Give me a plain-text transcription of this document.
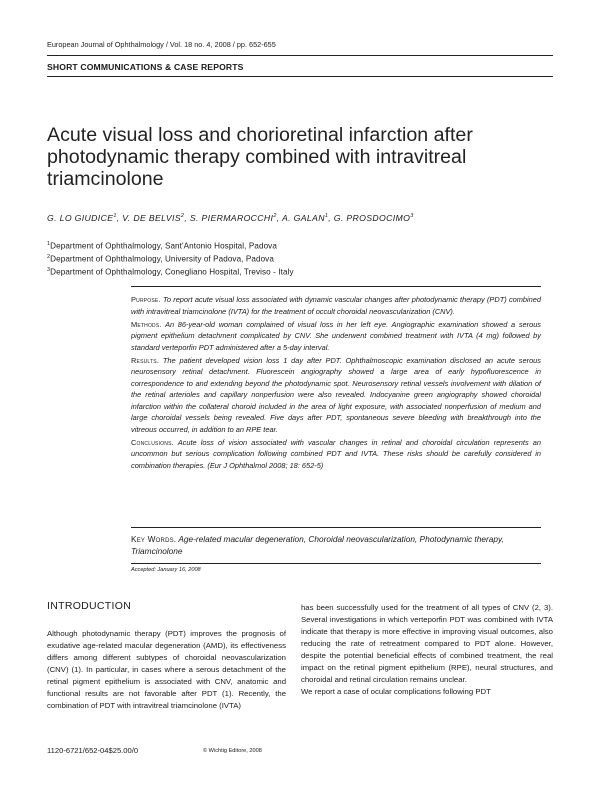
European Journal of Ophthalmology / Vol. 18 no. 4, 2008 / pp. 652-655
SHORT COMMUNICATIONS & CASE REPORTS
Acute visual loss and chorioretinal infarction after photodynamic therapy combined with intravitreal triamcinolone
G. LO GIUDICE$^1$, V. DE BELVIS$^2$, S. PIERMAROCCHI$^2$, A. GALAN$^1$, G. PROSDOCIMO$^3$
$^1$Department of Ophthalmology, Sant'Antonio Hospital, Padova
$^2$Department of Ophthalmology, University of Padova, Padova
$^3$Department of Ophthalmology, Conegliano Hospital, Treviso - Italy

Purpose. To report acute visual loss associated with dynamic vascular changes after photodynamic therapy (PDT) combined with intravitreal triamcinolone (IVTA) for the treatment of occult choroidal neovascularization (CNV).

Methods. An 86-year-old woman complained of visual loss in her left eye. Angiographic examination showed a serous pigment epithelium detachment complicated by CNV. She underwent combined treatment with IVTA (4 mg) followed by standard verteporfin PDT administered after a 5-day interval.

Results. The patient developed vision loss 1 day after PDT. Ophthalmoscopic examination disclosed an acute serous neurosensory retinal detachment. Fluorescein angiography showed a large area of early hypofluorescence in correspondence to and extending beyond the photodynamic spot. Neurosensory retinal vessels involvement with dilation of the retinal arterioles and capillary nonperfusion were also revealed. Indocyanine green angiography showed choroidal infarction within the collateral choroid included in the area of light exposure, with associated nonperfusion of medium and large choroidal vessels being revealed. Five days after PDT, spontaneous severe bleeding with breakthrough into the vitreous occurred, in addition to an RPE tear.

Conclusions. Acute loss of vision associated with vascular changes in retinal and choroidal circulation represents an uncommon but serious complication following combined PDT and IVTA. These risks should be carefully considered in combination therapies. (Eur J Ophthalmol 2008; 18: 652-5)

Key Words. Age-related macular degeneration, Choroidal neovascularization, Photodynamic therapy, Triamcinolone
Accepted: January 16, 2008
INTRODUCTION

Although photodynamic therapy (PDT) improves the prognosis of exudative age-related macular degeneration (AMD), its effectiveness differs among different subtypes of choroidal neovascularization (CNV) (1). In particular, in cases where a serous detachment of the retinal pigment epithelium is associated with CNV, anatomic and functional results are not favorable after PDT (1). Recently, the combination of PDT with intravitreal triamcinolone (IVTA)

has been successfully used for the treatment of all types of CNV (2, 3). Several investigations in which verteporfin PDT was combined with IVTA indicate that therapy is more effective in improving visual outcomes, also reducing the rate of retreatment compared to PDT alone. However, despite the potential beneficial effects of combined treatment, the real impact on the retinal pigment epithelium (RPE), neural structures, and choroidal and retinal circulation remains unclear.

We report a case of ocular complications following PDT

1120-6721/652-04$25.00/0	© Wichtig Editore, 2008
